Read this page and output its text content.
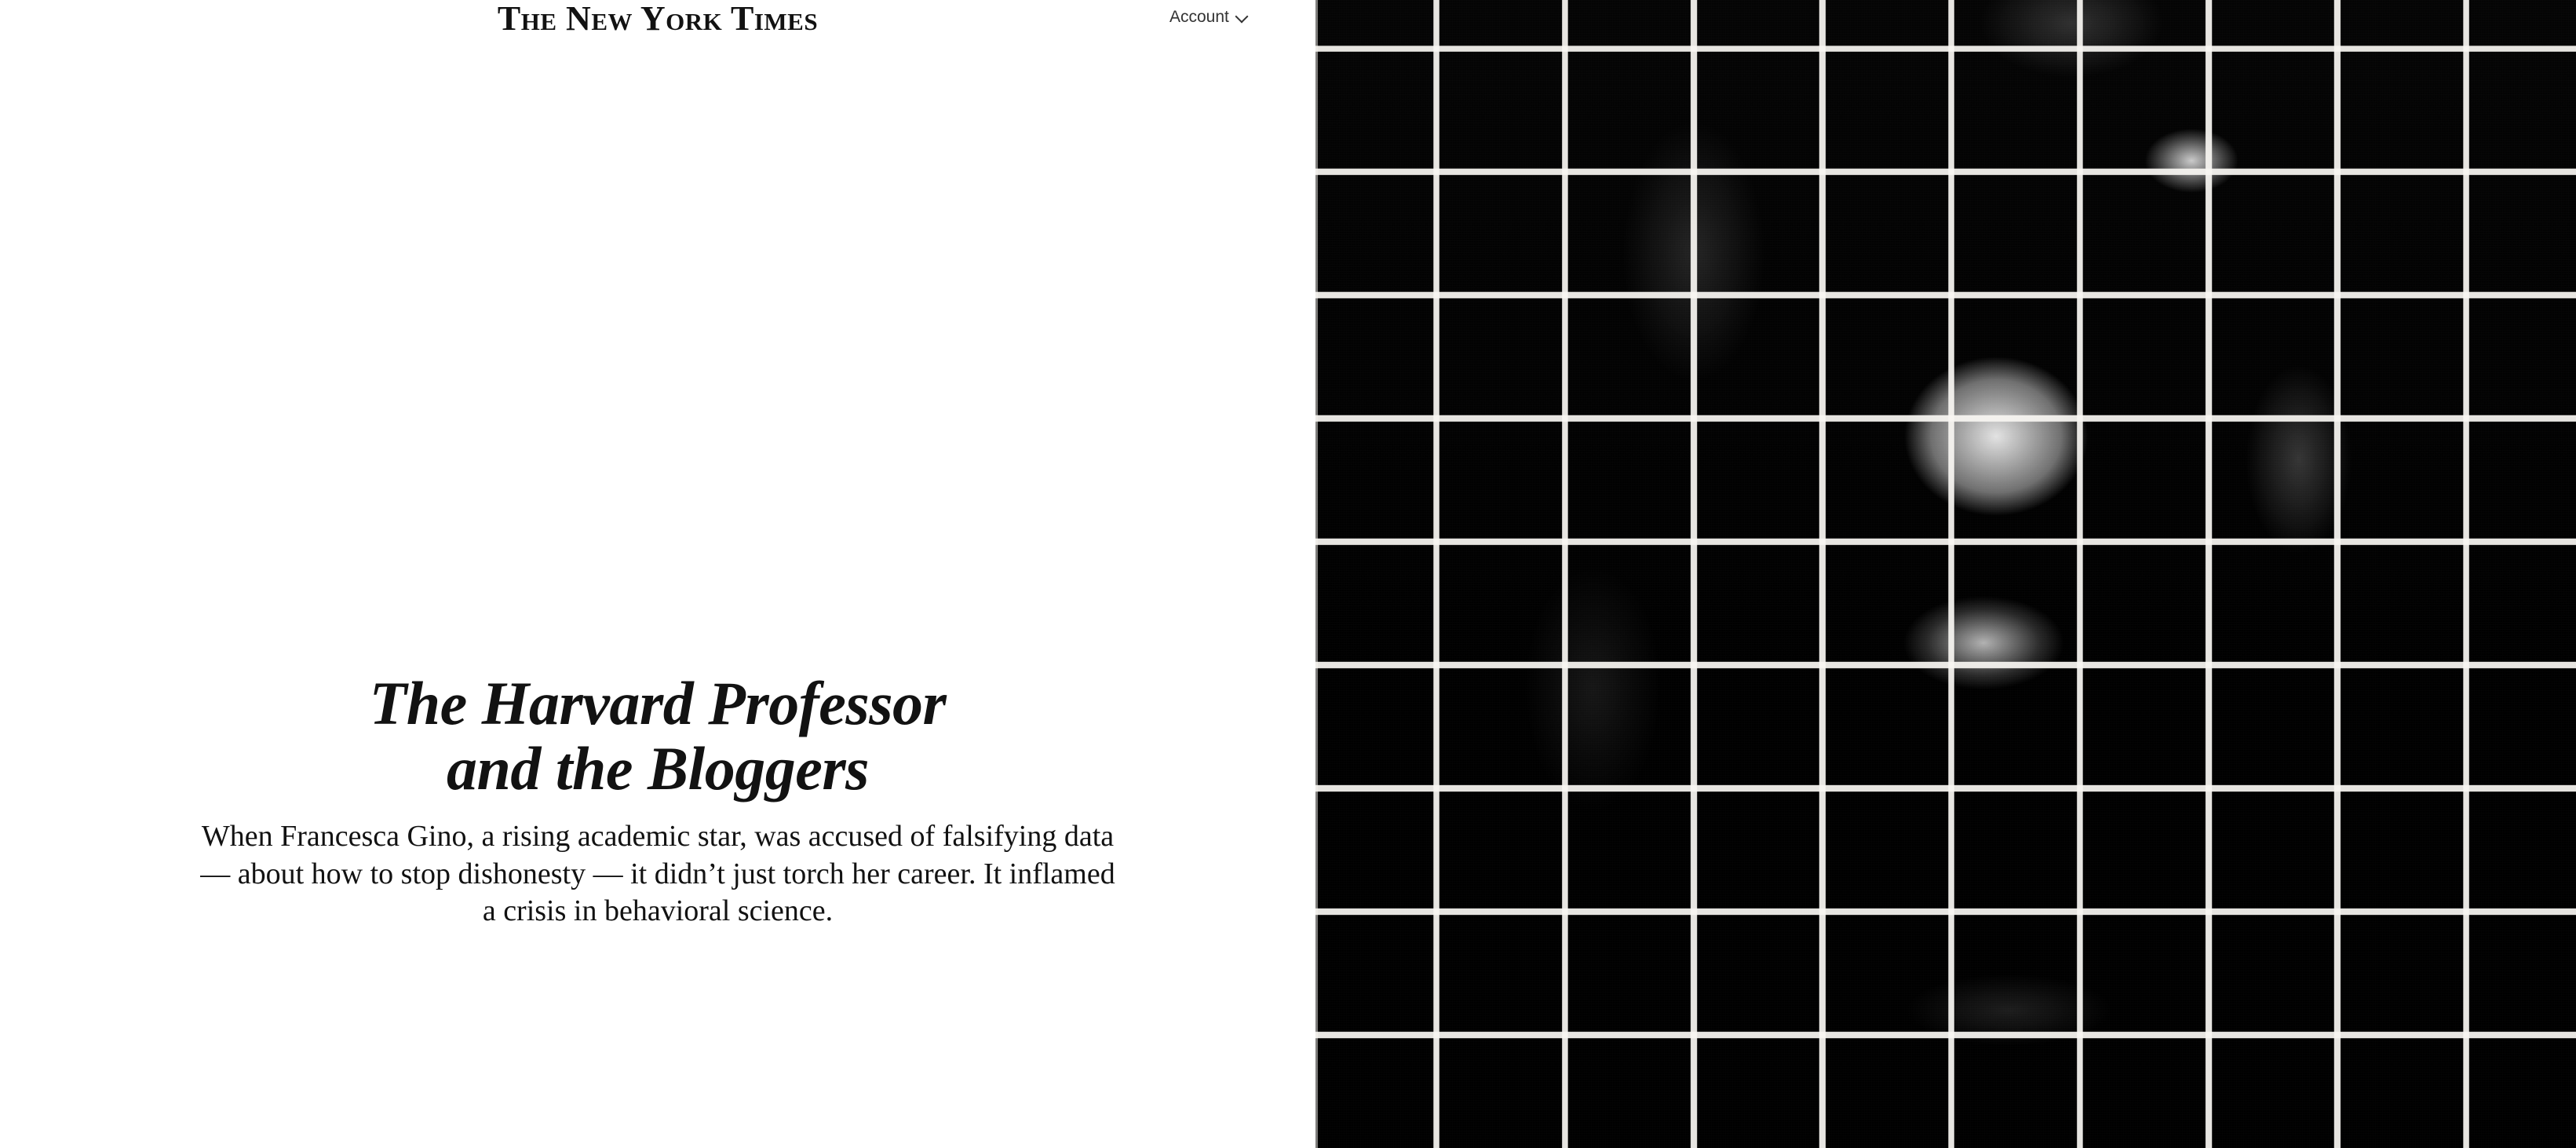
The New York Times	Account
The Harvard Professor
and the Bloggers

When Francesca Gino, a rising academic star, was accused of falsifying data — about how to stop dishonesty — it didn’t just torch her career. It inflamed a crisis in behavioral science.
